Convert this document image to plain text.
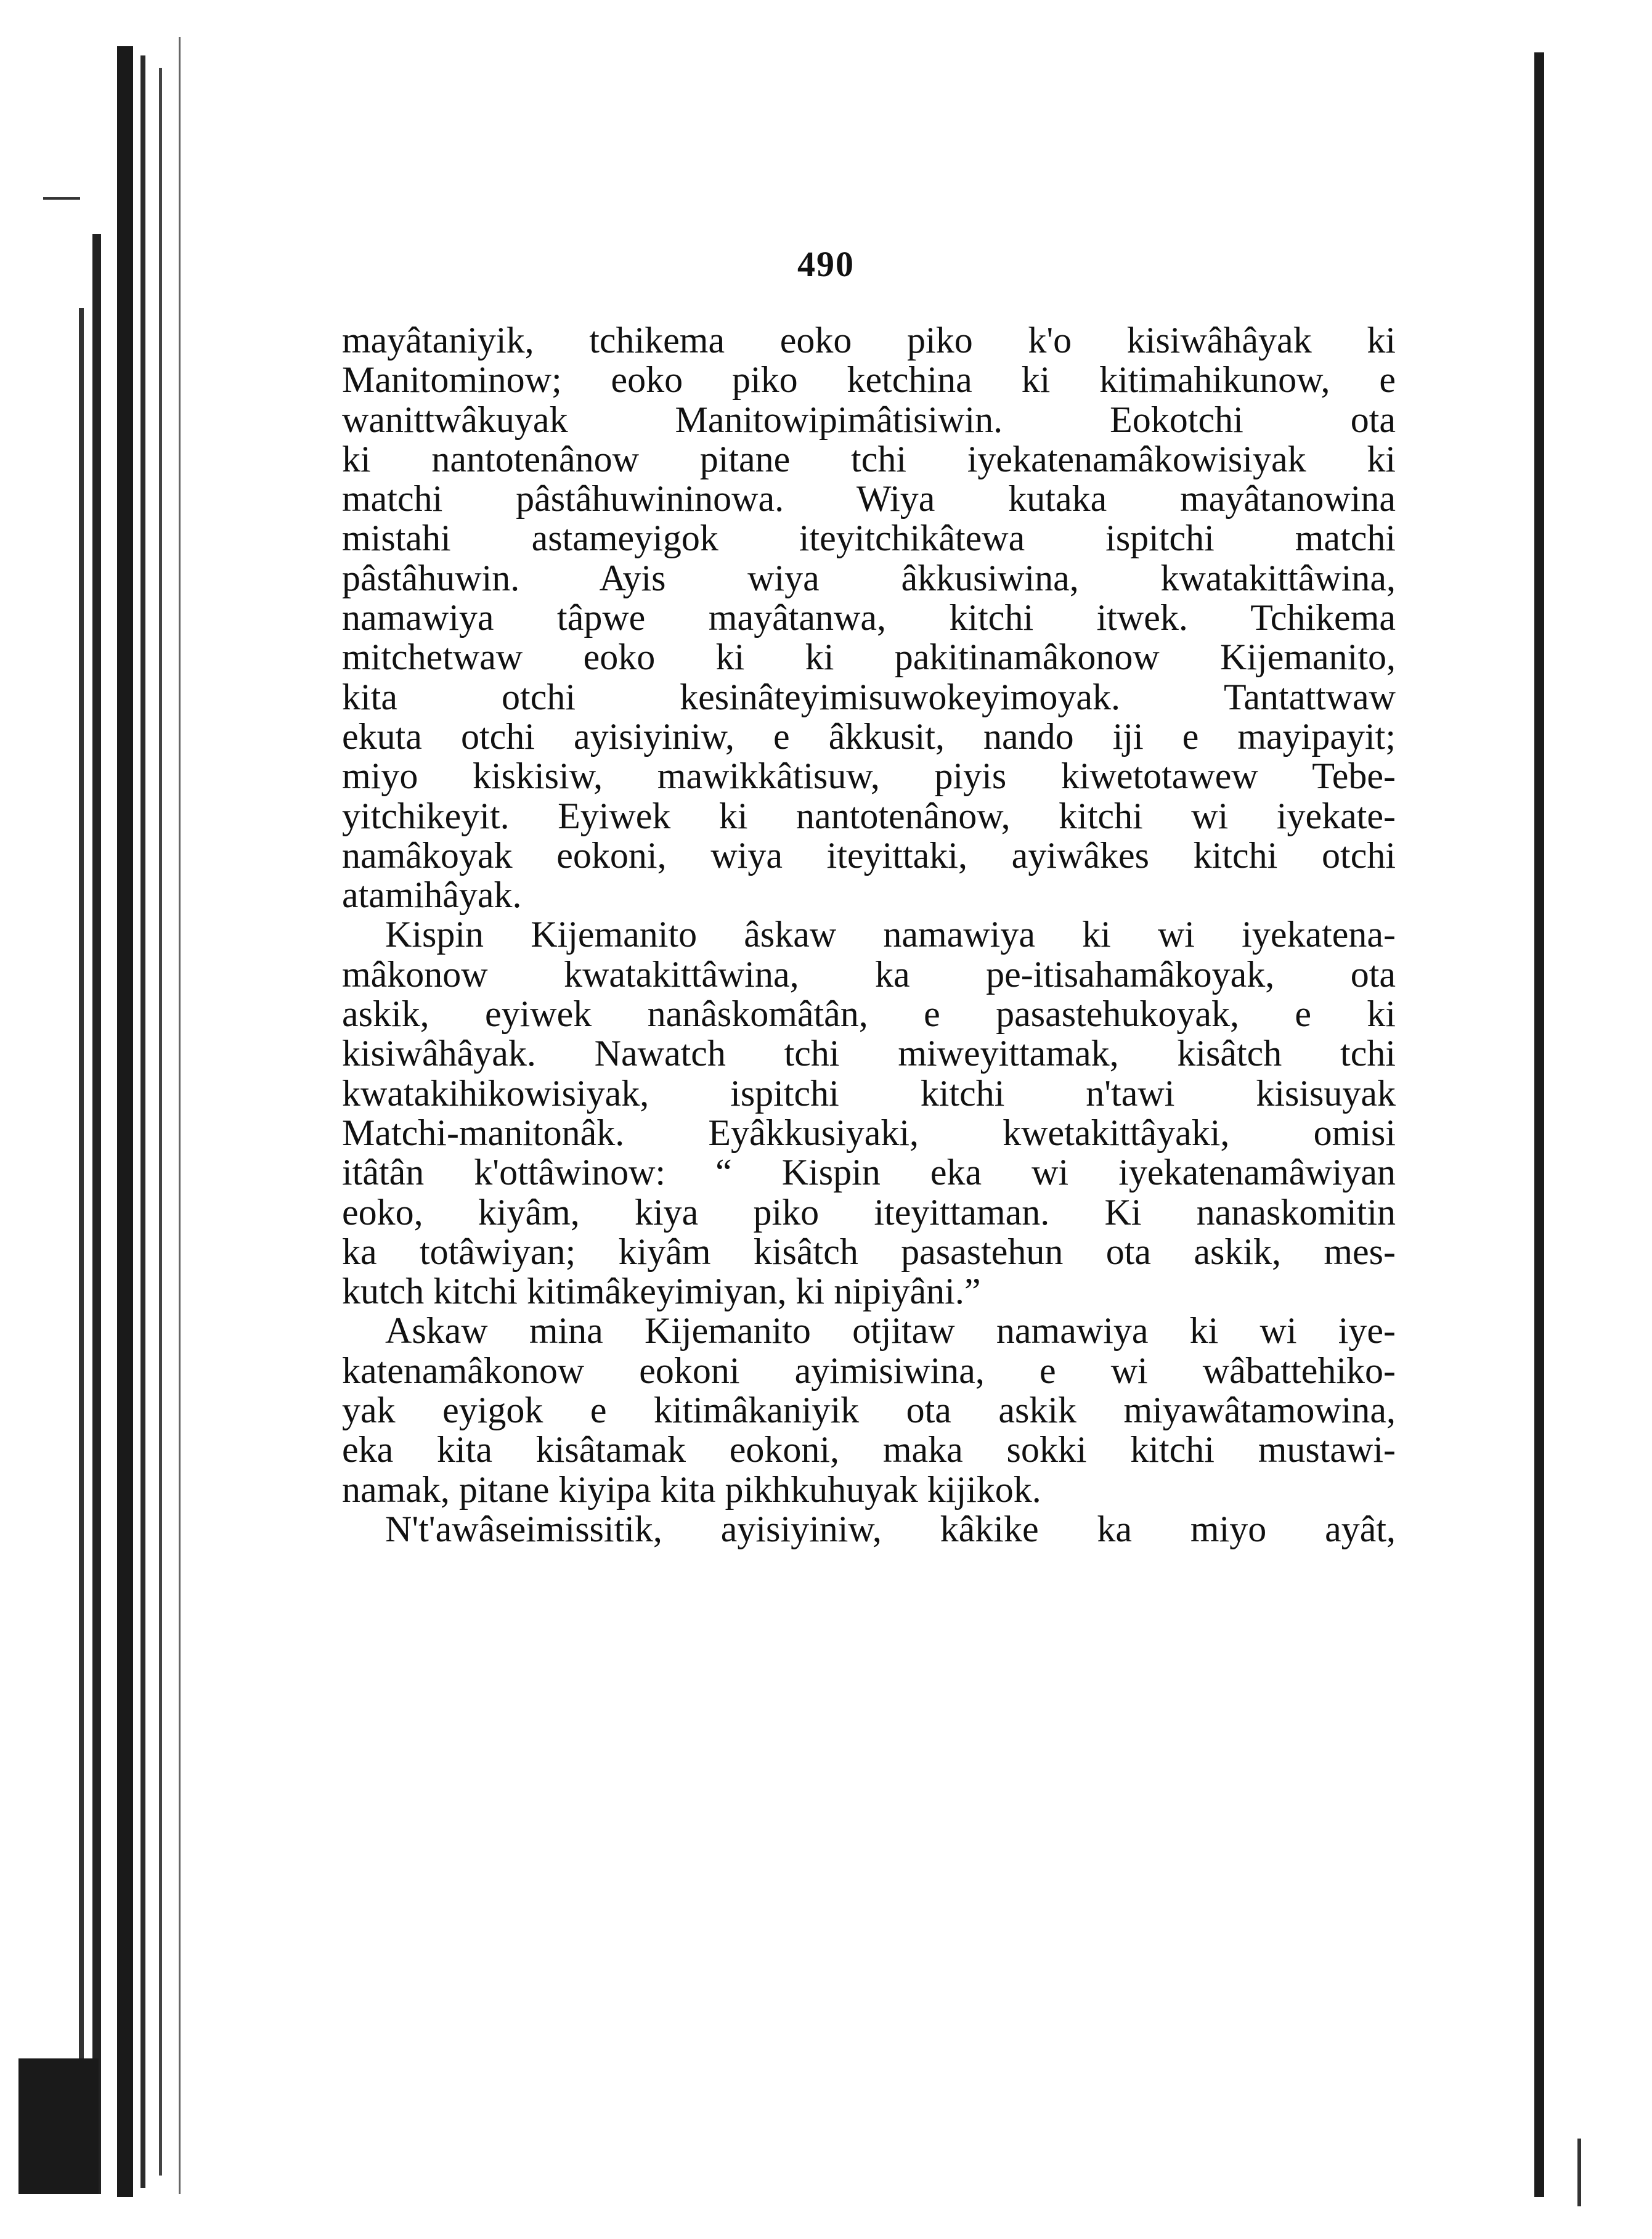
490
mayâtaniyik, tchikema eoko piko k'o kisiwâhâyak ki
Manitominow; eoko piko ketchina ki kitimahikunow, e
wanittwâkuyak Manitowipimâtisiwin. Eokotchi ota
ki nantotenânow pitane tchi iyekatenamâkowisiyak ki
matchi pâstâhuwininowa. Wiya kutaka mayâtanowina
mistahi astameyigok iteyitchikâtewa ispitchi matchi
pâstâhuwin. Ayis wiya âkkusiwina, kwatakittâwina,
namawiya tâpwe mayâtanwa, kitchi itwek. Tchikema
mitchetwaw eoko ki ki pakitinamâkonow Kijemanito,
kita otchi kesinâteyimisuwokeyimoyak. Tantattwaw
ekuta otchi ayisiyiniw, e âkkusit, nando iji e mayipayit;
miyo kiskisiw, mawikkâtisuw, piyis kiwetotawew Tebe-
yitchikeyit. Eyiwek ki nantotenânow, kitchi wi iyekate-
namâkoyak eokoni, wiya iteyittaki, ayiwâkes kitchi otchi
atamihâyak.
Kispin Kijemanito âskaw namawiya ki wi iyekatena-
mâkonow kwatakittâwina, ka pe-itisahamâkoyak, ota
askik, eyiwek nanâskomâtân, e pasastehukoyak, e ki
kisiwâhâyak. Nawatch tchi miweyittamak, kisâtch tchi
kwatakihikowisiyak, ispitchi kitchi n'tawi kisisuyak
Matchi-manitonâk. Eyâkkusiyaki, kwetakittâyaki, omisi
itâtân k'ottâwinow: “ Kispin eka wi iyekatenamâwiyan
eoko, kiyâm, kiya piko iteyittaman. Ki nanaskomitin
ka totâwiyan; kiyâm kisâtch pasastehun ota askik, mes-
kutch kitchi kitimâkeyimiyan, ki nipiyâni.”
Askaw mina Kijemanito otjitaw namawiya ki wi iye-
katenamâkonow eokoni ayimisiwina, e wi wâbattehiko-
yak eyigok e kitimâkaniyik ota askik miyawâtamowina,
eka kita kisâtamak eokoni, maka sokki kitchi mustawi-
namak, pitane kiyipa kita pikhkuhuyak kijikok.
N't'awâseimissitik, ayisiyiniw, kâkike ka miyo ayât,
